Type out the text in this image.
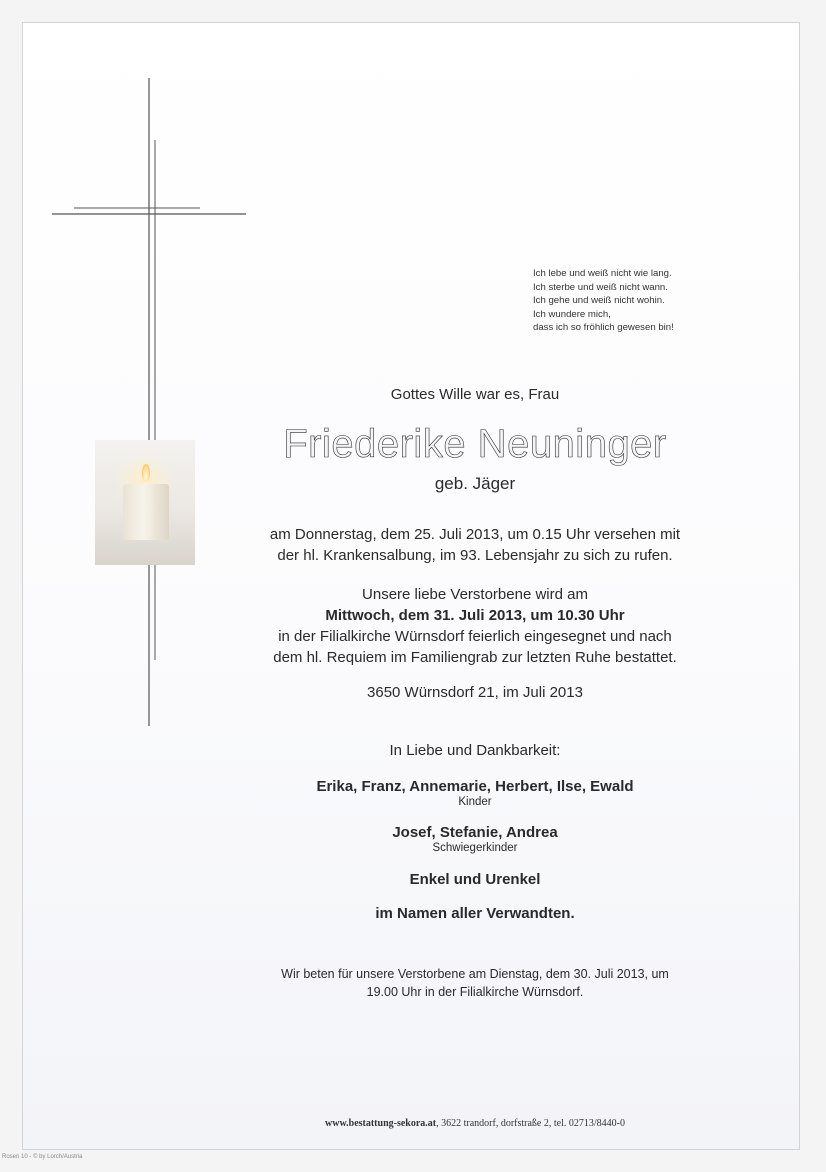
Ich lebe und weiß nicht wie lang.
Ich sterbe und weiß nicht wann.
Ich gehe und weiß nicht wohin.
Ich wundere mich,
dass ich so fröhlich gewesen bin!
Gottes Wille war es, Frau
Friederike Neuninger
geb. Jäger
am Donnerstag, dem 25. Juli 2013, um 0.15 Uhr versehen mit
der hl. Krankensalbung, im 93. Lebensjahr zu sich zu rufen.
Unsere liebe Verstorbene wird am
Mittwoch, dem 31. Juli 2013, um 10.30 Uhr
in der Filialkirche Würnsdorf feierlich eingesegnet und nach
dem hl. Requiem im Familiengrab zur letzten Ruhe bestattet.
3650 Würnsdorf 21, im Juli 2013
In Liebe und Dankbarkeit:
Erika, Franz, Annemarie, Herbert, Ilse, Ewald
Kinder
Josef, Stefanie, Andrea
Schwiegerkinder
Enkel und Urenkel
im Namen aller Verwandten.
Wir beten für unsere Verstorbene am Dienstag, dem 30. Juli 2013, um
19.00 Uhr in der Filialkirche Würnsdorf.
www.bestattung-sekora.at, 3622 trandorf, dorfstraße 2, tel. 02713/8440-0
Rosen 10 - © by Lorch/Austria
